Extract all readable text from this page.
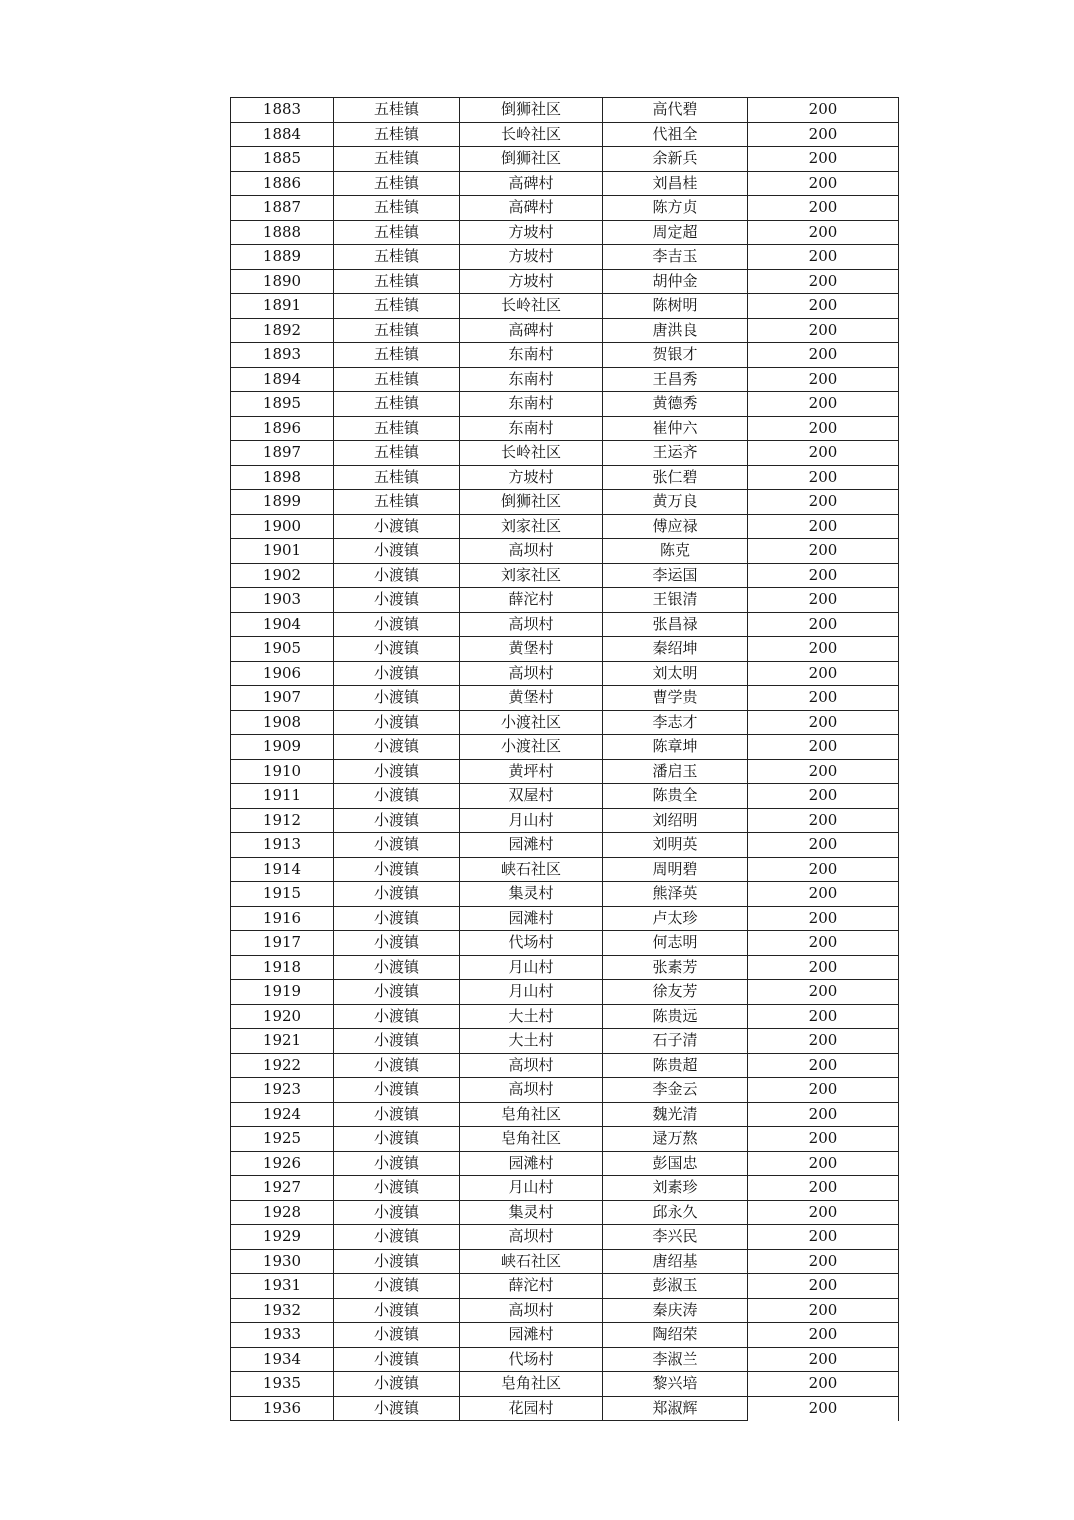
1883	五桂镇	倒狮社区	高代碧	200
1884	五桂镇	长岭社区	代祖全	200
1885	五桂镇	倒狮社区	余新兵	200
1886	五桂镇	高碑村	刘昌桂	200
1887	五桂镇	高碑村	陈方贞	200
1888	五桂镇	方坡村	周定超	200
1889	五桂镇	方坡村	李吉玉	200
1890	五桂镇	方坡村	胡仲金	200
1891	五桂镇	长岭社区	陈树明	200
1892	五桂镇	高碑村	唐洪良	200
1893	五桂镇	东南村	贺银才	200
1894	五桂镇	东南村	王昌秀	200
1895	五桂镇	东南村	黄德秀	200
1896	五桂镇	东南村	崔仲六	200
1897	五桂镇	长岭社区	王运齐	200
1898	五桂镇	方坡村	张仁碧	200
1899	五桂镇	倒狮社区	黄万良	200
1900	小渡镇	刘家社区	傅应禄	200
1901	小渡镇	高坝村	陈克	200
1902	小渡镇	刘家社区	李运国	200
1903	小渡镇	薛沱村	王银清	200
1904	小渡镇	高坝村	张昌禄	200
1905	小渡镇	黄堡村	秦绍坤	200
1906	小渡镇	高坝村	刘太明	200
1907	小渡镇	黄堡村	曹学贵	200
1908	小渡镇	小渡社区	李志才	200
1909	小渡镇	小渡社区	陈章坤	200
1910	小渡镇	黄坪村	潘启玉	200
1911	小渡镇	双屋村	陈贵全	200
1912	小渡镇	月山村	刘绍明	200
1913	小渡镇	园滩村	刘明英	200
1914	小渡镇	峡石社区	周明碧	200
1915	小渡镇	集灵村	熊泽英	200
1916	小渡镇	园滩村	卢太珍	200
1917	小渡镇	代场村	何志明	200
1918	小渡镇	月山村	张素芳	200
1919	小渡镇	月山村	徐友芳	200
1920	小渡镇	大土村	陈贵远	200
1921	小渡镇	大土村	石子清	200
1922	小渡镇	高坝村	陈贵超	200
1923	小渡镇	高坝村	李金云	200
1924	小渡镇	皂角社区	魏光清	200
1925	小渡镇	皂角社区	逯万熬	200
1926	小渡镇	园滩村	彭国忠	200
1927	小渡镇	月山村	刘素珍	200
1928	小渡镇	集灵村	邱永久	200
1929	小渡镇	高坝村	李兴民	200
1930	小渡镇	峡石社区	唐绍基	200
1931	小渡镇	薛沱村	彭淑玉	200
1932	小渡镇	高坝村	秦庆涛	200
1933	小渡镇	园滩村	陶绍荣	200
1934	小渡镇	代场村	李淑兰	200
1935	小渡镇	皂角社区	黎兴培	200
1936	小渡镇	花园村	郑淑辉	200
